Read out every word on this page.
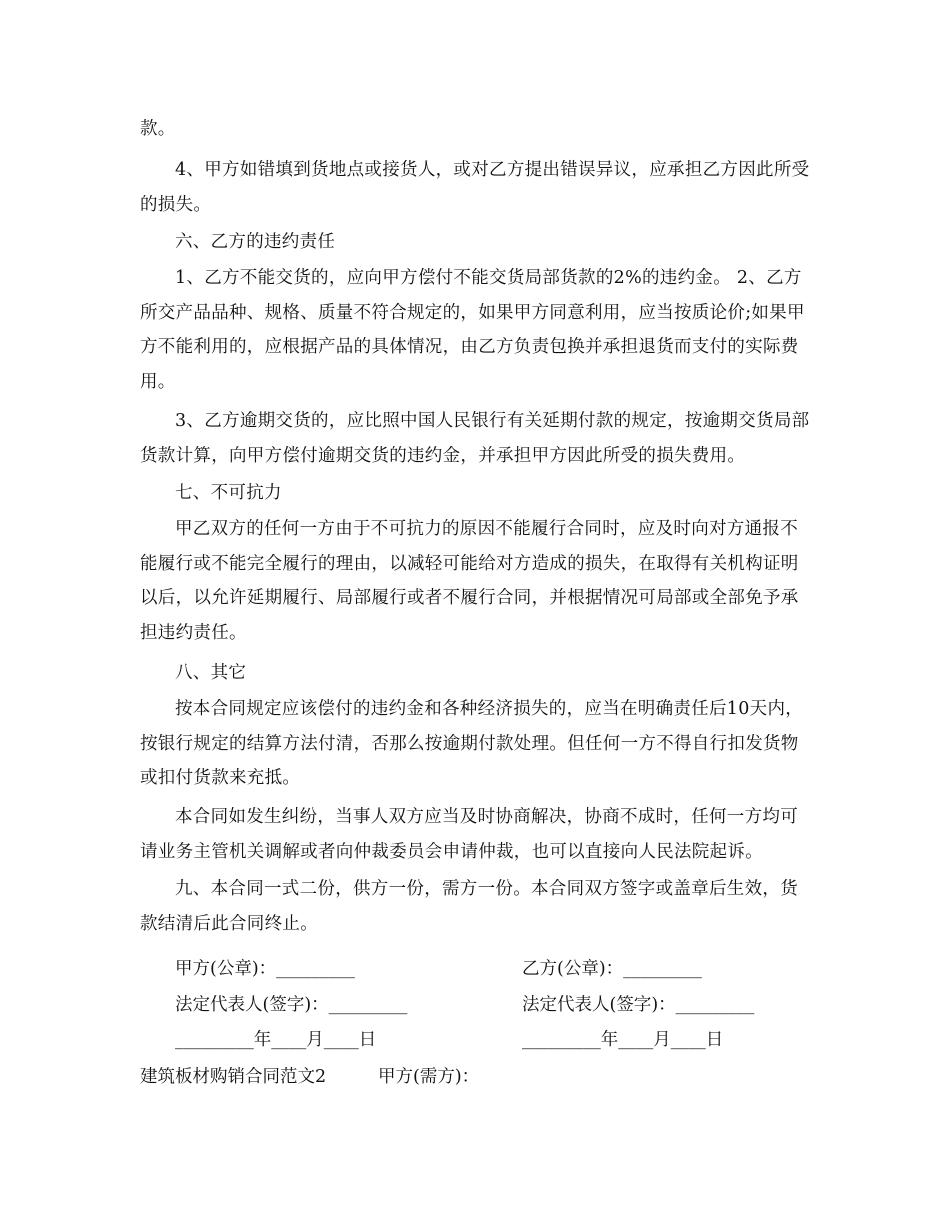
款。

4、甲方如错填到货地点或接货人，或对乙方提出错误异议，应承担乙方因此所受的损失。

六、乙方的违约责任

1、乙方不能交货的，应向甲方偿付不能交货局部货款的2%的违约金。 2、乙方所交产品品种、规格、质量不符合规定的，如果甲方同意利用，应当按质论价;如果甲方不能利用的，应根据产品的具体情况，由乙方负责包换并承担退货而支付的实际费用。

3、乙方逾期交货的，应比照中国人民银行有关延期付款的规定，按逾期交货局部货款计算，向甲方偿付逾期交货的违约金，并承担甲方因此所受的损失费用。

七、不可抗力

甲乙双方的任何一方由于不可抗力的原因不能履行合同时，应及时向对方通报不能履行或不能完全履行的理由，以减轻可能给对方造成的损失，在取得有关机构证明以后，以允许延期履行、局部履行或者不履行合同，并根据情况可局部或全部免予承担违约责任。

八、其它

按本合同规定应该偿付的违约金和各种经济损失的，应当在明确责任后10天内，按银行规定的结算方法付清，否那么按逾期付款处理。但任何一方不得自行扣发货物或扣付货款来充抵。

本合同如发生纠纷，当事人双方应当及时协商解决，协商不成时，任何一方均可请业务主管机关调解或者向仲裁委员会申请仲裁，也可以直接向人民法院起诉。

九、本合同一式二份，供方一份，需方一份。本合同双方签字或盖章后生效，货款结清后此合同终止。

甲方(公章)：_________	乙方(公章)：_________
法定代表人(签字)：_________	法定代表人(签字)：_________
_________年____月____日	_________年____月____日
建筑板材购销合同范文2	甲方(需方)：
